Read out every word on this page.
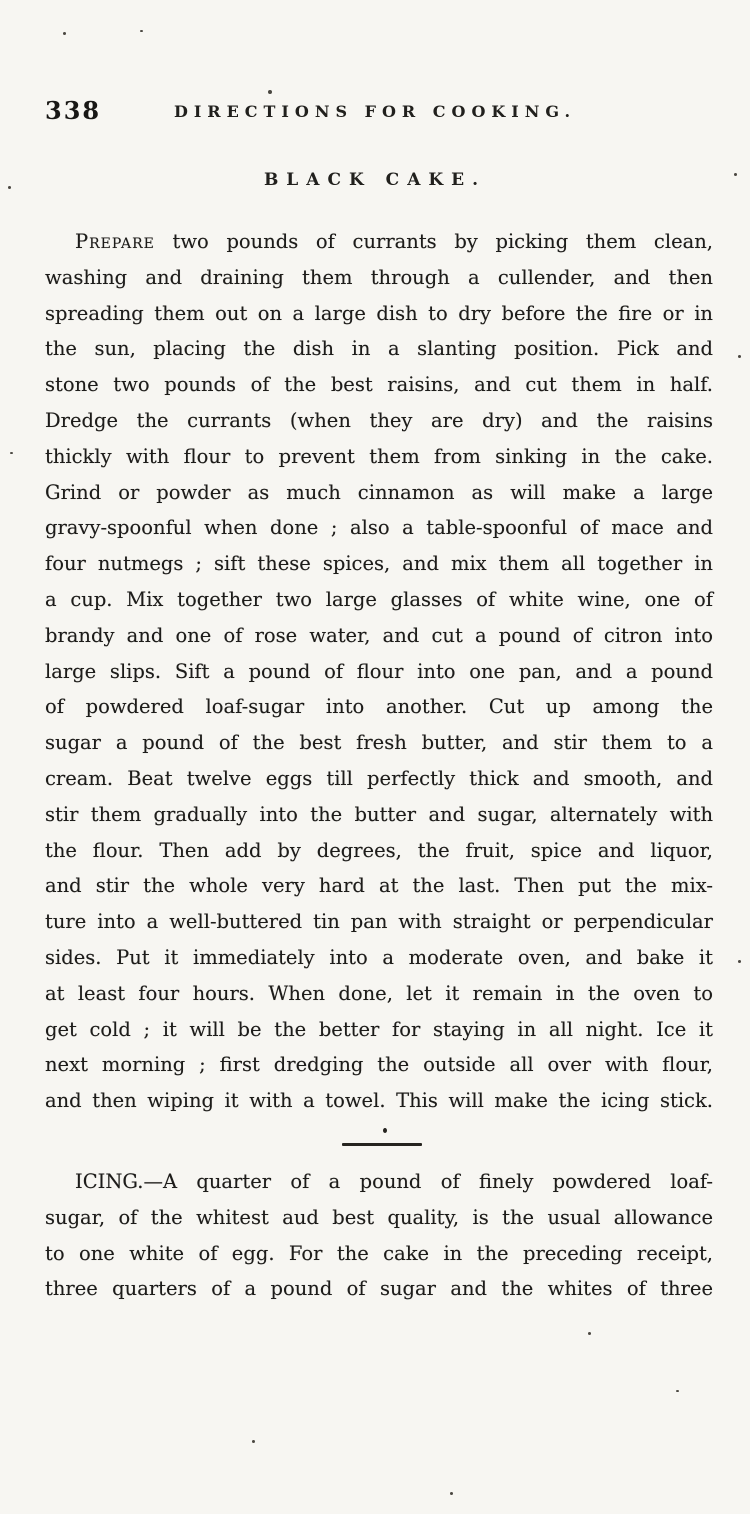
338	DIRECTIONS FOR COOKING.
BLACK CAKE.
Prepare two pounds of currants by picking them clean,
washing and draining them through a cullender, and then
spreading them out on a large dish to dry before the fire or in
the sun, placing the dish in a slanting position. Pick and
stone two pounds of the best raisins, and cut them in half.
Dredge the currants (when they are dry) and the raisins
thickly with flour to prevent them from sinking in the cake.
Grind or powder as much cinnamon as will make a large
gravy-spoonful when done ; also a table-spoonful of mace and
four nutmegs ; sift these spices, and mix them all together in
a cup. Mix together two large glasses of white wine, one of
brandy and one of rose water, and cut a pound of citron into
large slips. Sift a pound of flour into one pan, and a pound
of powdered loaf-sugar into another. Cut up among the
sugar a pound of the best fresh butter, and stir them to a
cream. Beat twelve eggs till perfectly thick and smooth, and
stir them gradually into the butter and sugar, alternately with
the flour. Then add by degrees, the fruit, spice and liquor,
and stir the whole very hard at the last. Then put the mix-
ture into a well-buttered tin pan with straight or perpendicular
sides. Put it immediately into a moderate oven, and bake it
at least four hours. When done, let it remain in the oven to
get cold ; it will be the better for staying in all night. Ice it
next morning ; first dredging the outside all over with flour,
and then wiping it with a towel. This will make the icing stick.
ICING.—A quarter of a pound of finely powdered loaf-
sugar, of the whitest aud best quality, is the usual allowance
to one white of egg. For the cake in the preceding receipt,
three quarters of a pound of sugar and the whites of three
